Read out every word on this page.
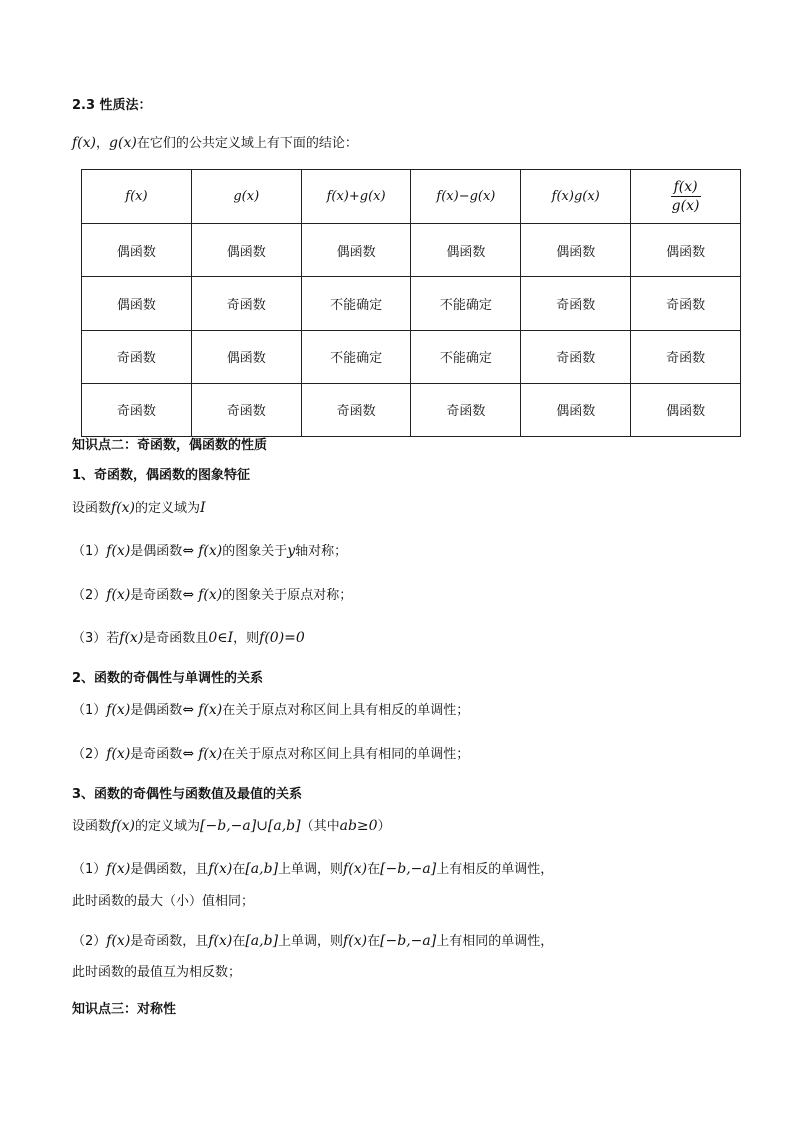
2.3 性质法：
f(x)，g(x)在它们的公共定义域上有下面的结论：
f(x)	g(x)	f(x)+g(x)	f(x)−g(x)	f(x)g(x)	$\frac{f(x)}{g(x)}$

偶函数	偶函数	偶函数	偶函数	偶函数	偶函数
偶函数	奇函数	不能确定	不能确定	奇函数	奇函数
奇函数	偶函数	不能确定	不能确定	奇函数	奇函数
奇函数	奇函数	奇函数	奇函数	偶函数	偶函数
知识点二：奇函数，偶函数的性质
1、奇函数，偶函数的图象特征
设函数f(x)的定义域为I
（1）f(x)是偶函数⇔ f(x)的图象关于y轴对称；
（2）f(x)是奇函数⇔ f(x)的图象关于原点对称；
（3）若f(x)是奇函数且0∈I，则f(0)=0
2、函数的奇偶性与单调性的关系
（1）f(x)是偶函数⇔ f(x)在关于原点对称区间上具有相反的单调性；
（2）f(x)是奇函数⇔ f(x)在关于原点对称区间上具有相同的单调性；
3、函数的奇偶性与函数值及最值的关系
设函数f(x)的定义域为[−b,−a]∪[a,b]（其中ab≥0）
（1）f(x)是偶函数，且f(x)在[a,b]上单调，则f(x)在[−b,−a]上有相反的单调性，
此时函数的最大（小）值相同；
（2）f(x)是奇函数，且f(x)在[a,b]上单调，则f(x)在[−b,−a]上有相同的单调性，
此时函数的最值互为相反数；
知识点三：对称性
